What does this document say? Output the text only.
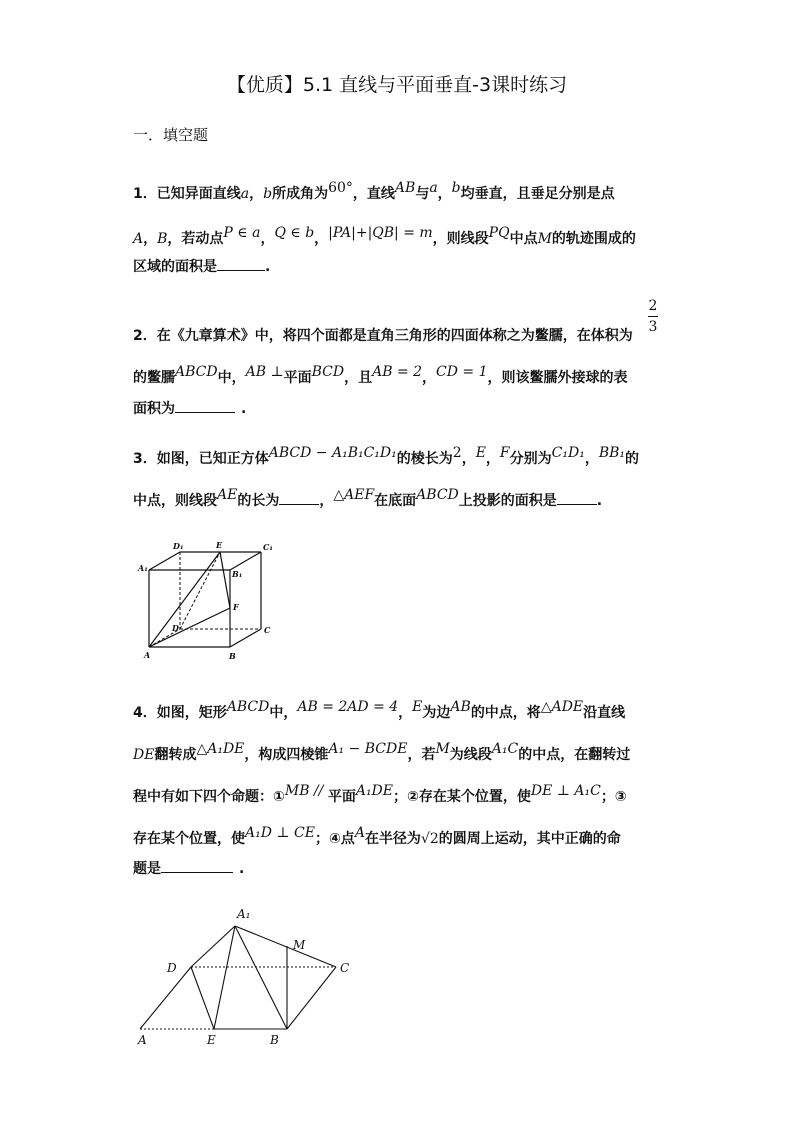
【优质】5.1 直线与平面垂直-3课时练习
一．填空题
1．已知异面直线a，b所成角为60°，直线AB与a，b均垂直，且垂足分别是点
A，B，若动点P ∈ a，Q ∈ b，|PA|+|QB| = m，则线段PQ中点M的轨迹围成的
区域的面积是	.
2．在《九章算术》中，将四个面都是直角三角形的四面体称之为鳖臑，在体积为
2
3
的鳖臑ABCD中，AB ⊥平面BCD，且AB = 2，CD = 1，则该鳖臑外接球的表
面积为	.
3．如图，已知正方体ABCD − A₁B₁C₁D₁的棱长为2，E，F分别为C₁D₁，BB₁的
中点，则线段AE的长为	，△AEF在底面ABCD上投影的面积是	.
A₁
D₁	E	C₁
B₁
F
D	C
A	B
4．如图，矩形ABCD中，AB = 2AD = 4，E为边AB的中点，将△ADE沿直线
DE翻转成△A₁DE，构成四棱锥A₁ − BCDE，若M为线段A₁C的中点，在翻转过
程中有如下四个命题：①MB // 平面A₁DE；②存在某个位置，使DE ⊥ A₁C；③
存在某个位置，使A₁D ⊥ CE；④点A在半径为√2的圆周上运动，其中正确的命
题是	.
A₁
M
D	C
A	E	B
